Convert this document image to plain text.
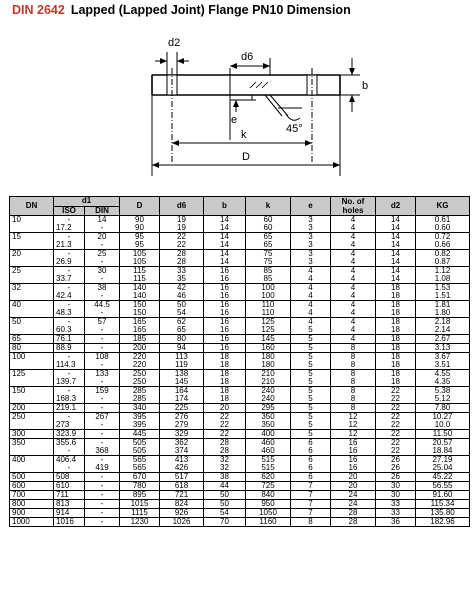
DIN 2642 Lapped (Lapped Joint) Flange PN10 Dimension
d2
d6
b
e
45°
k
D
DN	d1		D	d6	b	k	e	No. of holes	d2	KG
	ISO	DIN								
10	-	14	90	19	14	60	3	4	14	0.61
	17.2	-	90	19	14	60	3	4	14	0.60
15	-	20	95	22	14	65	3	4	14	0.72
	21.3	-	95	22	14	65	3	4	14	0.66
20	-	25	105	28	14	75	3	4	14	0.82
	26.9	-	105	28	14	75	3	4	14	0.87
25	-	30	115	33	16	85	4	4	14	1.12
	33.7	-	115	35	16	85	4	4	14	1.08
32	-	38	140	42	16	100	4	4	18	1.53
	42.4	-	140	46	16	100	4	4	18	1.51
40	-	44.5	150	50	16	110	4	4	18	1.81
	48.3	-	150	54	16	110	4	4	18	1.80
50	-	57	165	62	16	125	4	4	18	2.18
	60.3	-	165	65	16	125	5	4	18	2.14
65	76.1	-	185	80	16	145	5	4	18	2.67
80	88.9	-	200	94	16	160	5	8	18	3.13
100	-	108	220	113	18	180	5	8	18	3.67
	114.3	-	220	119	18	180	5	8	18	3.51
125	-	133	250	138	18	210	5	8	18	4.55
	139.7	-	250	145	18	210	5	8	18	4.35
150	-	159	285	164	18	240	5	8	22	5.38
	168.3	-	285	174	18	240	5	8	22	5.12
200	219.1	-	340	225	20	295	5	8	22	7.80
250	-	267	395	276	22	350	5	12	22	10.27
	273	-	395	279	22	350	5	12	22	10.0
300	323.9	-	445	329	22	400	5	12	22	11.50
350	355.6	-	505	362	28	460	6	16	22	20.57
	-	368	505	374	28	460	6	16	22	18.84
400	406.4	-	565	413	32	515	6	16	26	27.19
	-	419	565	426	32	515	6	16	26	25.04
500	508	-	670	517	38	620	6	20	26	45.22
600	610	-	780	618	44	725	7	20	30	56.55
700	711	-	895	721	50	840	7	24	30	91.60
800	813	-	1015	824	50	950	7	24	33	115.34
900	914	-	1115	926	54	1050	7	28	33	135.80
1000	1016	-	1230	1026	70	1160	8	28	36	182.96
